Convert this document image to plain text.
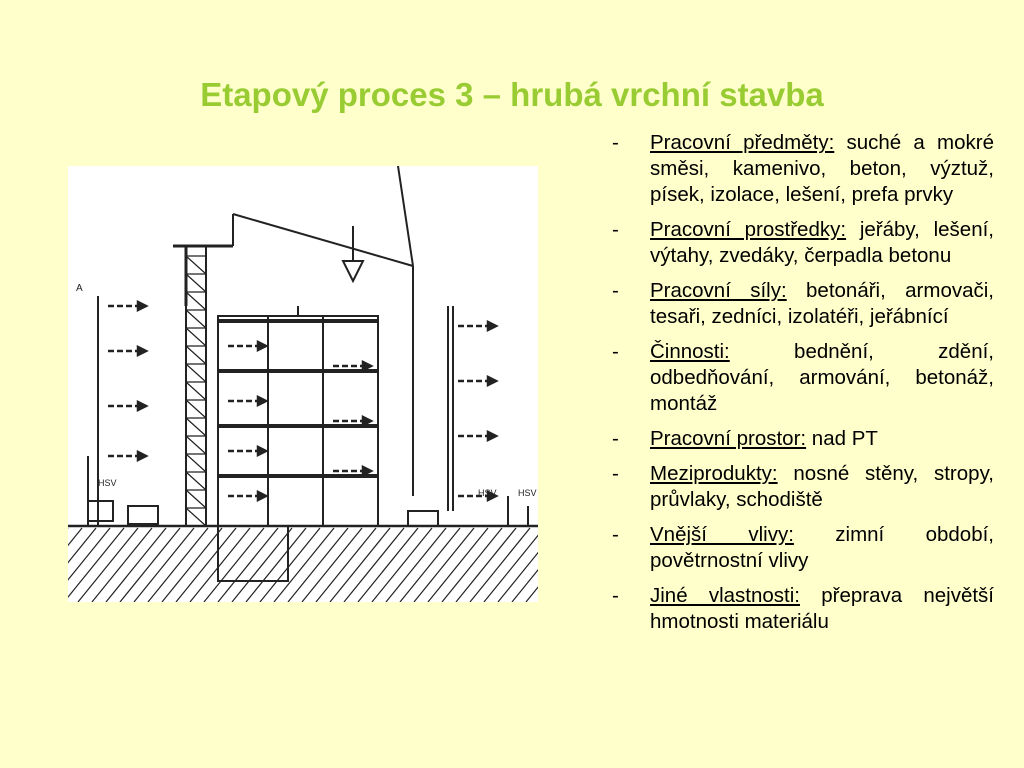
Etapový proces 3 – hrubá vrchní stavba
HSV
HSV HSV
A
- Pracovní předměty: suché a mokré směsi, kamenivo, beton, výztuž, písek, izolace, lešení, prefa prvky
- Pracovní prostředky: jeřáby, lešení, výtahy, zvedáky, čerpadla betonu
- Pracovní síly: betonáři, armovači, tesaři, zedníci, izolatéři, jeřábnící
- Činnosti: bednění, zdění, odbedňování, armování, betonáž, montáž
- Pracovní prostor: nad PT
- Meziprodukty: nosné stěny, stropy, průvlaky, schodiště
- Vnější vlivy: zimní období, povětrnostní vlivy
- Jiné vlastnosti: přeprava největší hmotnosti materiálu
